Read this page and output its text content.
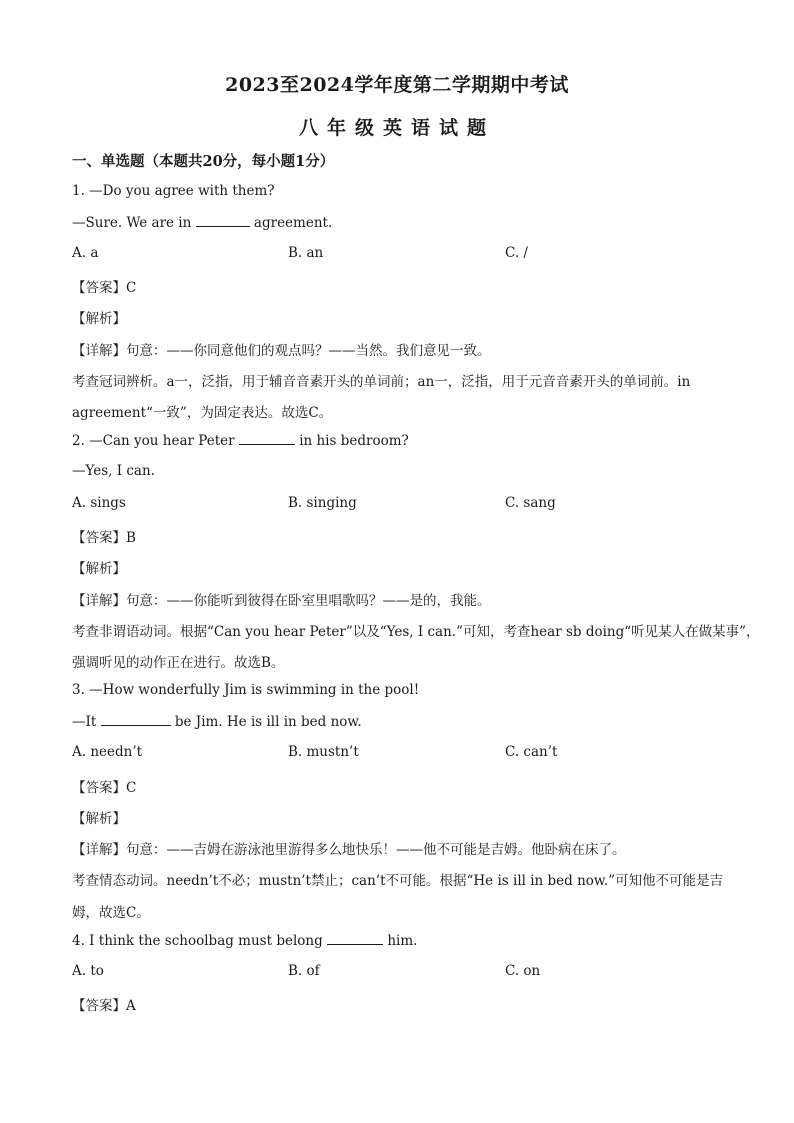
2023至2024学年度第二学期期中考试
八年级英语试题
一、单选题（本题共20分，每小题1分）
1. —Do you agree with them?
—Sure. We are in	agreement.
A. a	B. an	C. /
【答案】C
【解析】
【详解】句意：——你同意他们的观点吗？——当然。我们意见一致。
考查冠词辨析。a一，泛指，用于辅音音素开头的单词前；an一，泛指，用于元音音素开头的单词前。in
agreement“一致”，为固定表达。故选C。
2. —Can you hear Peter	in his bedroom?
—Yes, I can.
A. sings	B. singing	C. sang
【答案】B
【解析】
【详解】句意：——你能听到彼得在卧室里唱歌吗？——是的，我能。
考查非谓语动词。根据“Can you hear Peter”以及“Yes, I can.”可知，考查hear sb doing“听见某人在做某事”，
强调听见的动作正在进行。故选B。
3. —How wonderfully Jim is swimming in the pool!
—It	be Jim. He is ill in bed now.
A. needn’t	B. mustn’t	C. can’t
【答案】C
【解析】
【详解】句意：——吉姆在游泳池里游得多么地快乐！——他不可能是吉姆。他卧病在床了。
考查情态动词。needn’t不必；mustn’t禁止；can’t不可能。根据“He is ill in bed now.”可知他不可能是吉
姆，故选C。
4. I think the schoolbag must belong	him.
A. to	B. of	C. on
【答案】A
